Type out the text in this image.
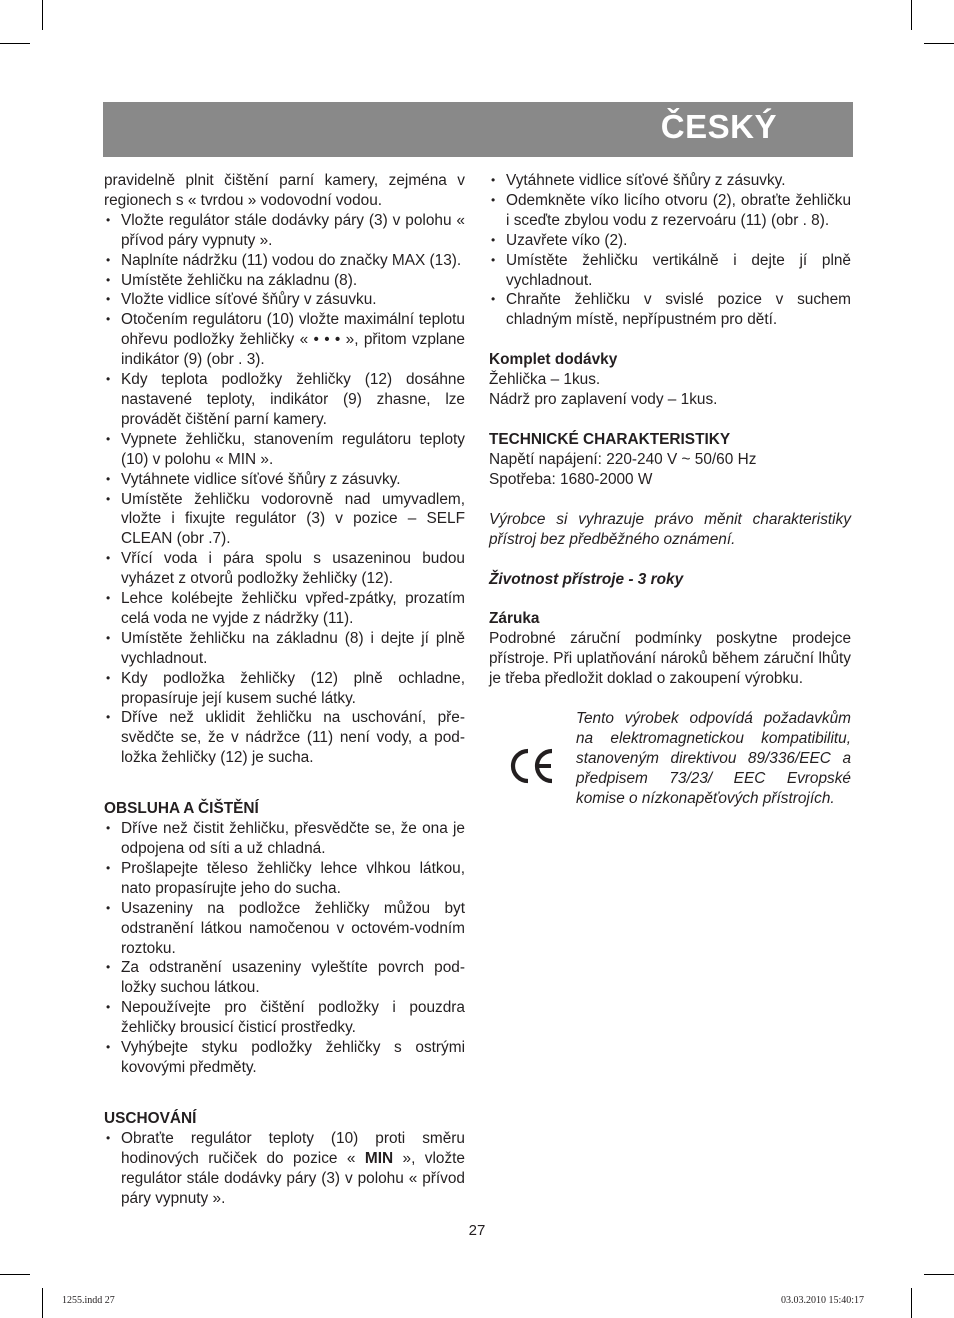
ČESKÝ

pravidelně plnit čištění parní kamery, zejména v regionech s « tvrdou » vodovodní vodou.

• Vložte regulátor stále dodávky páry (3) v polohu « přívod páry vypnuty ».
• Naplníte nádržku (11) vodou do značky MAX (13).
• Umístěte žehličku na základnu (8).
• Vložte vidlice síťové šňůry v zásuvku.
• Otočením regulátoru (10) vložte maximální teplotu ohřevu podložky žehličky « • • • », přitom vzplane indikátor (9) (obr . 3).
• Kdy teplota podložky žehličky (12) dosáhne nastavené teploty, indikátor (9) zhasne, lze provádět čištění parní kamery.
• Vypnete žehličku, stanovením regulátoru teploty (10) v polohu « MIN ».
• Vytáhnete vidlice síťové šňůry z zásuvky.
• Umístěte žehličku vodorovně nad umyvadlem, vložte i fixujte regulátor (3) v pozice – SELF CLEAN (obr .7).
• Vřící voda i pára spolu s usazeninou budou vyházet z otvorů podložky žehličky (12).
• Lehce kolébejte žehličku vpřed-zpátky, prozatím celá voda ne vyjde z nádržky (11).
• Umístěte žehličku na základnu (8) i dejte jí plně vychladnout.
• Kdy podložka žehličky (12) plně ochladne, propasíruje její kusem suché látky.
• Dříve než uklidit žehličku na uschování, přesvědčte se, že v nádržce (11) není vody, a podložka žehličky (12) je sucha.
OBSLUHA A ČIŠTĚNÍ
• Dříve než čistit žehličku, přesvědčte se, že ona je odpojena od síti a už chladná.
• Prošlapejte těleso žehličky lehce vlhkou látkou, nato propasírujte jeho do sucha.
• Usazeniny na podložce žehličky můžou byt odstranění látkou namočenou v octovém-vodním roztoku.
• Za odstranění usazeniny vyleštíte povrch podložky suchou látkou.
• Nepoužívejte pro čištění podložky i pouzdra žehličky brousicí čisticí prostředky.
• Vyhýbejte styku podložky žehličky s ostrými kovovými předměty.
USCHOVÁNÍ
• Obraťte regulátor teploty (10) proti směru hodinových ručiček do pozice « MIN », vložte regulátor stále dodávky páry (3) v polohu « přívod páry vypnuty ».
• Vytáhnete vidlice síťové šňůry z zásuvky.
• Odemkněte víko licího otvoru (2), obraťte žehličku i sceďte zbylou vodu z rezervoáru (11) (obr . 8).
• Uzavřete víko (2).
• Umístěte žehličku vertikálně i dejte jí plně vychladnout.
• Chraňte žehličku v svislé pozice v suchem chladným místě, nepřípustném pro dětí.
Komplet dodávky

Žehlička – 1kus.

Nádrž pro zaplavení vody – 1kus.

TECHNICKÉ CHARAKTERISTIKY

Napětí napájení: 220-240 V ~ 50/60 Hz

Spotřeba: 1680-2000 W

Výrobce si vyhrazuje právo měnit charakteristiky přístroj bez předběžného oznámení.

Životnost přístroje - 3 roky

Záruka

Podrobné záruční podmínky poskytne prodejce přístroje. Při uplatňování nároků během záruční lhůty je třeba předložit doklad o zakoupení výrobku.

Tento výrobek odpovídá požadavkům na elektromagnetickou kompatibilitu, stanoveným direktivou 89/336/EEC a předpisem 73/23/ EEC Evropské komise o nízkonapěťových přístrojích.

27
1255.indd 27	03.03.2010 15:40:17
